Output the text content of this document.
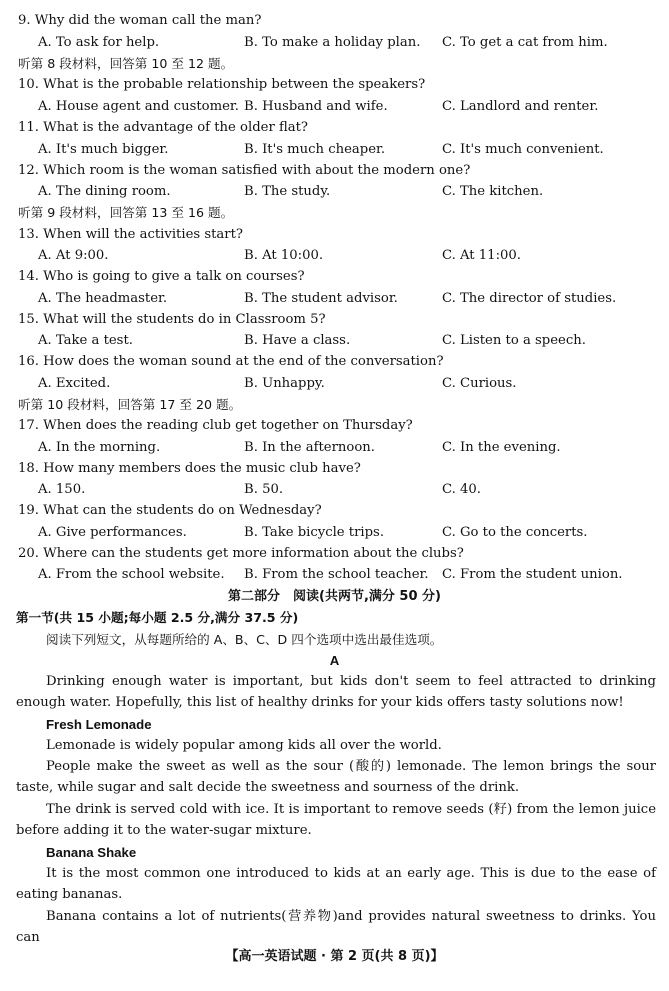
9. Why did the woman call the man?
A. To ask for help.	B. To make a holiday plan. C. To get a cat from him.
听第 8 段材料，回答第 10 至 12 题。
10. What is the probable relationship between the speakers?
A. House agent and customer. B. Husband and wife.	C. Landlord and renter.
11. What is the advantage of the older flat?
A. It's much bigger.	B. It's much cheaper.	C. It's much convenient.
12. Which room is the woman satisfied with about the modern one?
A. The dining room.	B. The study.	C. The kitchen.
听第 9 段材料，回答第 13 至 16 题。
13. When will the activities start?
A. At 9:00.	B. At 10:00.	C. At 11:00.
14. Who is going to give a talk on courses?
A. The headmaster.	B. The student advisor.	C. The director of studies.
15. What will the students do in Classroom 5?
A. Take a test.	B. Have a class.	C. Listen to a speech.
16. How does the woman sound at the end of the conversation?
A. Excited.	B. Unhappy.	C. Curious.
听第 10 段材料，回答第 17 至 20 题。
17. When does the reading club get together on Thursday?
A. In the morning.	B. In the afternoon.	C. In the evening.
18. How many members does the music club have?
A. 150.	B. 50.	C. 40.
19. What can the students do on Wednesday?
A. Give performances.	B. Take bicycle trips.	C. Go to the concerts.
20. Where can the students get more information about the clubs?
A. From the school website. B. From the school teacher. C. From the student union.
第二部分　阅读(共两节,满分 50 分)
第一节(共 15 小题;每小题 2.5 分,满分 37.5 分)
阅读下列短文，从每题所给的 A、B、C、D 四个选项中选出最佳选项。
A
Drinking enough water is important, but kids don't seem to feel attracted to drinking enough water. Hopefully, this list of healthy drinks for your kids offers tasty solutions now!
Fresh Lemonade
Lemonade is widely popular among kids all over the world.
People make the sweet as well as the sour (酸的) lemonade. The lemon brings the sour taste, while sugar and salt decide the sweetness and sourness of the drink.
The drink is served cold with ice. It is important to remove seeds (籽) from the lemon juice before adding it to the water-sugar mixture.
Banana Shake
It is the most common one introduced to kids at an early age. This is due to the ease of eating bananas.
Banana contains a lot of nutrients(营养物)and provides natural sweetness to drinks. You can
【高一英语试题 · 第 2 页(共 8 页)】
